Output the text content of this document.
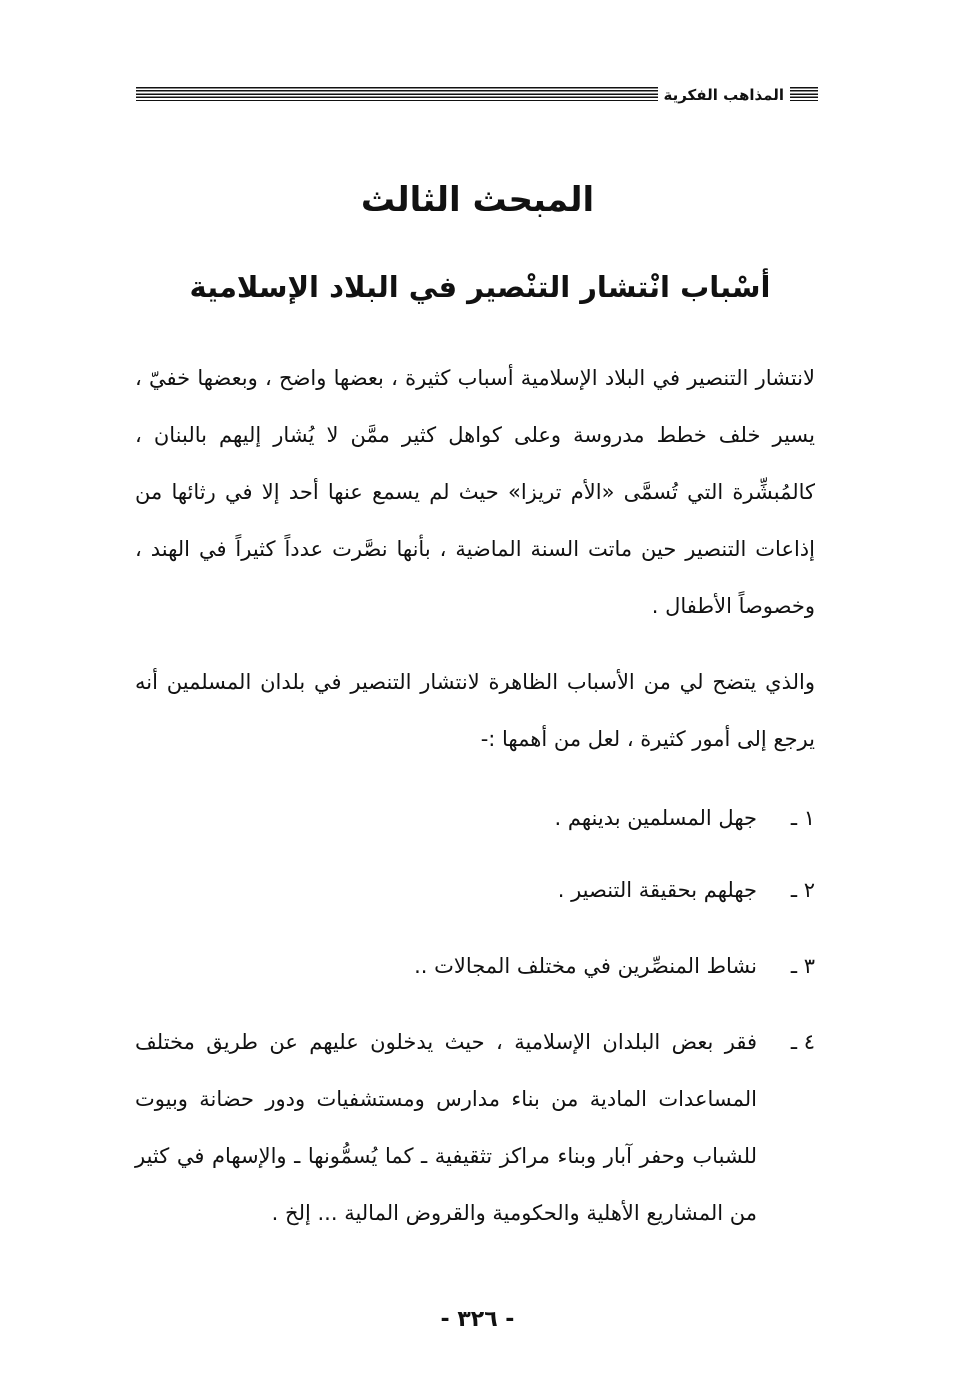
المذاهب الفكرية
المبحث الثالث
أسْباب انْتشار التنْصير في البلاد الإسلامية

لانتشار التنصير في البلاد الإسلامية أسباب كثيرة ، بعضها واضح ، وبعضها خفيّ ، يسير خلف خطط مدروسة وعلى كواهل كثير ممَّن لا يُشار إليهم بالبنان ، كالمُبشِّرة التي تُسمَّى «الأم تريزا» حيث لم يسمع عنها أحد إلا في رثائها من إذاعات التنصير حين ماتت السنة الماضية ، بأنها نصَّرت عدداً كثيراً في الهند ، وخصوصاً الأطفال .

والذي يتضح لي من الأسباب الظاهرة لانتشار التنصير في بلدان المسلمين أنه يرجع إلى أمور كثيرة ، لعل من أهمها :-

١ ـ

جهل المسلمين بدينهم .

٢ ـ

جهلهم بحقيقة التنصير .

٣ ـ

نشاط المنصِّرين في مختلف المجالات ..

٤ ـ

فقر بعض البلدان الإسلامية ، حيث يدخلون عليهم عن طريق مختلف المساعدات المادية من بناء مدارس ومستشفيات ودور حضانة وبيوت للشباب وحفر آبار وبناء مراكز تثقيفية ـ كما يُسمُّونها ـ والإسهام في كثير من المشاريع الأهلية والحكومية والقروض المالية ... إلخ .

- ٣٢٦ -
